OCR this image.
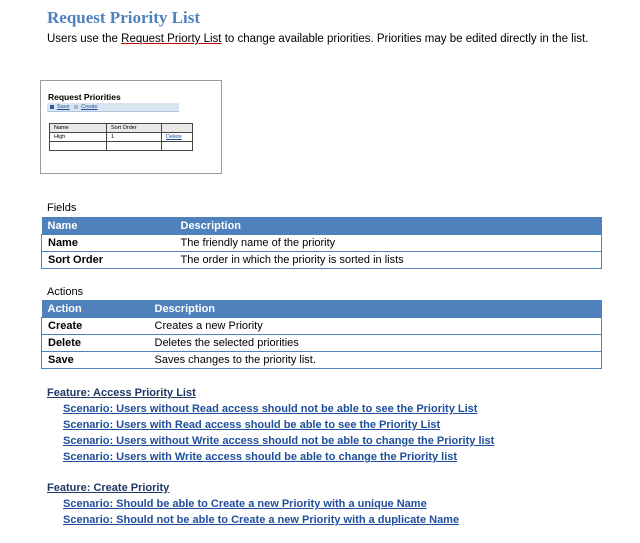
Request Priority List
Users use the Request Priorty List to change available priorities. Priorities may be edited directly in the list.
Request Priorities
Save Create
Name	Sort Order	
High	1	Delete

Fields
Name	Description
Name	The friendly name of the priority
Sort Order	The order in which the priority is sorted in lists
Actions
Action	Description
Create	Creates a new Priority
Delete	Deletes the selected priorities
Save	Saves changes to the priority list.
Feature: Access Priority List
Scenario: Users without Read access should not be able to see the Priority List
Scenario: Users with Read access should be able to see the Priority List
Scenario: Users without Write access should not be able to change the Priority list
Scenario: Users with Write access should be able to change the Priority list
Feature: Create Priority
Scenario: Should be able to Create a new Priority with a unique Name
Scenario: Should not be able to Create a new Priority with a duplicate Name
